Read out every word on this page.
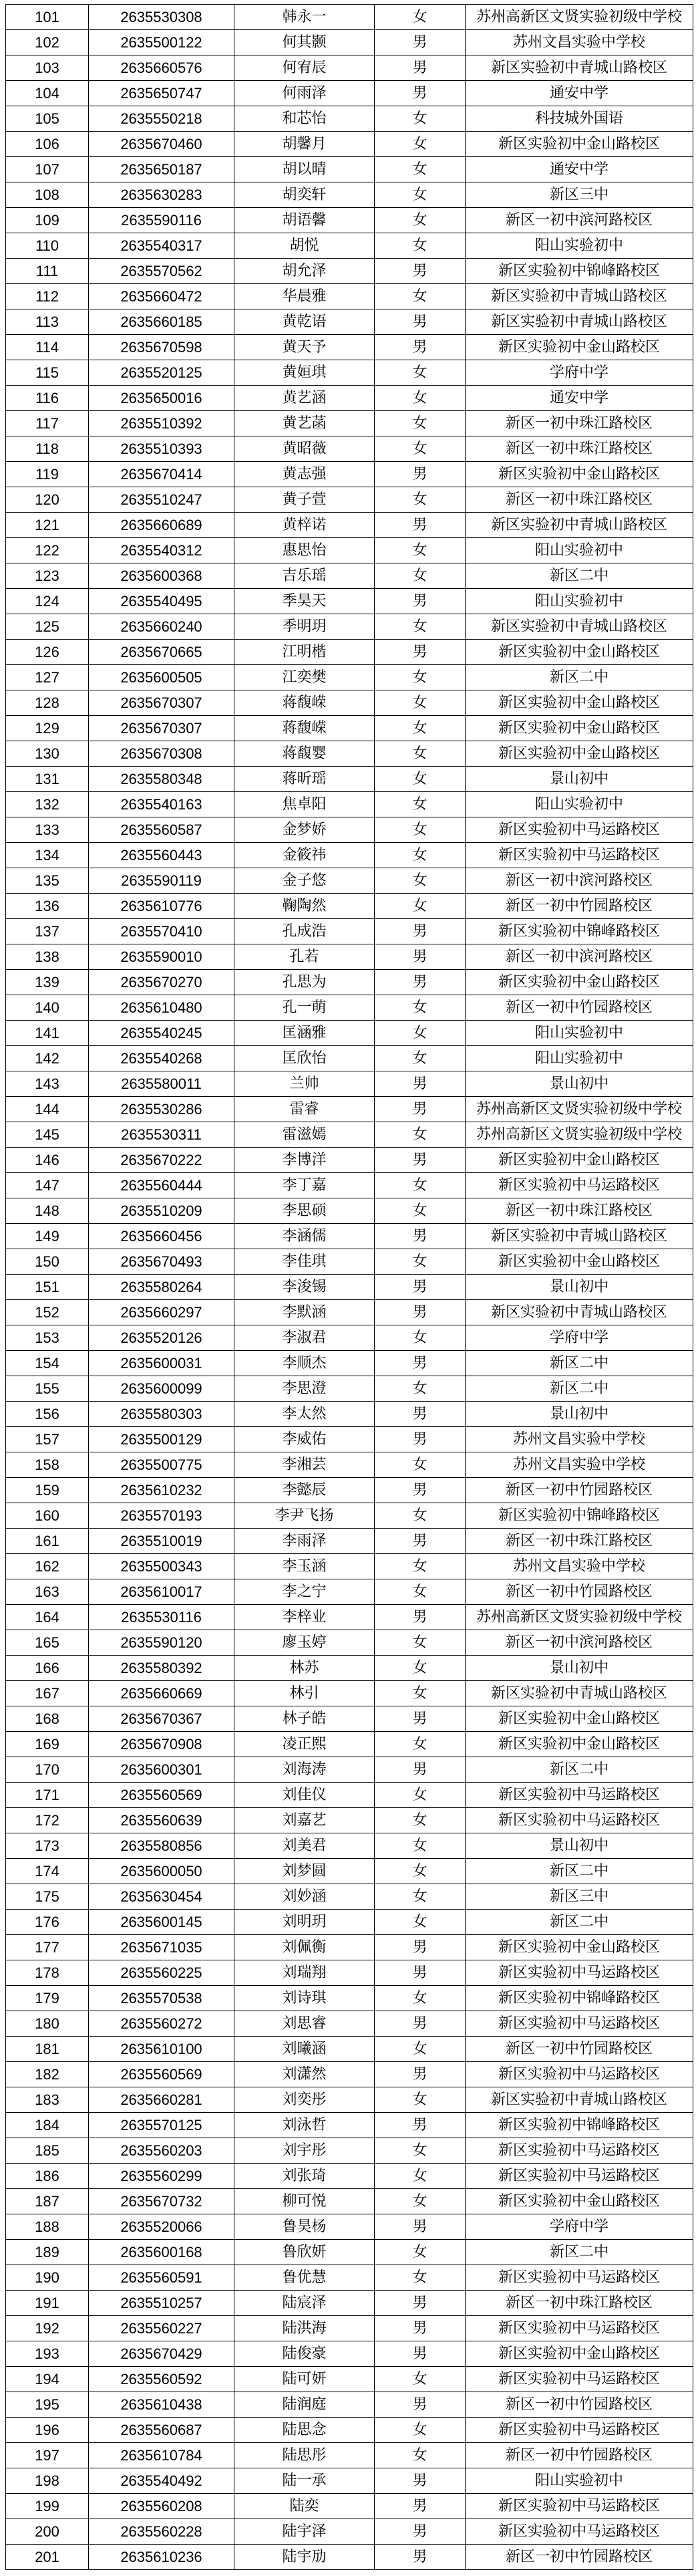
101	2635530308	韩永一	女	苏州高新区文贤实验初级中学校
102	2635500122	何其颢	男	苏州文昌实验中学校
103	2635660576	何宥辰	男	新区实验初中青城山路校区
104	2635650747	何雨泽	男	通安中学
105	2635550218	和芯怡	女	科技城外国语
106	2635670460	胡馨月	女	新区实验初中金山路校区
107	2635650187	胡以晴	女	通安中学
108	2635630283	胡奕轩	女	新区三中
109	2635590116	胡语馨	女	新区一初中滨河路校区
110	2635540317	胡悦	女	阳山实验初中
111	2635570562	胡允泽	男	新区实验初中锦峰路校区
112	2635660472	华晨雅	女	新区实验初中青城山路校区
113	2635660185	黄乾语	男	新区实验初中青城山路校区
114	2635670598	黄天予	男	新区实验初中金山路校区
115	2635520125	黄姮琪	女	学府中学
116	2635650016	黄艺涵	女	通安中学
117	2635510392	黄艺菡	女	新区一初中珠江路校区
118	2635510393	黄昭薇	女	新区一初中珠江路校区
119	2635670414	黄志强	男	新区实验初中金山路校区
120	2635510247	黄子萱	女	新区一初中珠江路校区
121	2635660689	黄梓诺	男	新区实验初中青城山路校区
122	2635540312	惠思怡	女	阳山实验初中
123	2635600368	吉乐瑶	女	新区二中
124	2635540495	季昊天	男	阳山实验初中
125	2635660240	季明玥	女	新区实验初中青城山路校区
126	2635670665	江明楷	男	新区实验初中金山路校区
127	2635600505	江奕樊	女	新区二中
128	2635670307	蒋馥嵘	女	新区实验初中金山路校区
129	2635670307	蒋馥嵘	女	新区实验初中金山路校区
130	2635670308	蒋馥婴	女	新区实验初中金山路校区
131	2635580348	蒋昕瑶	女	景山初中
132	2635540163	焦卓阳	女	阳山实验初中
133	2635560587	金梦娇	女	新区实验初中马运路校区
134	2635560443	金筱祎	女	新区实验初中马运路校区
135	2635590119	金子悠	女	新区一初中滨河路校区
136	2635610776	鞠陶然	女	新区一初中竹园路校区
137	2635570410	孔成浩	男	新区实验初中锦峰路校区
138	2635590010	孔若	男	新区一初中滨河路校区
139	2635670270	孔思为	男	新区实验初中金山路校区
140	2635610480	孔一萌	女	新区一初中竹园路校区
141	2635540245	匡涵雅	女	阳山实验初中
142	2635540268	匡欣怡	女	阳山实验初中
143	2635580011	兰帅	男	景山初中
144	2635530286	雷睿	男	苏州高新区文贤实验初级中学校
145	2635530311	雷滋嫣	女	苏州高新区文贤实验初级中学校
146	2635670222	李博洋	男	新区实验初中金山路校区
147	2635560444	李丁嘉	女	新区实验初中马运路校区
148	2635510209	李思硕	女	新区一初中珠江路校区
149	2635660456	李涵儒	男	新区实验初中青城山路校区
150	2635670493	李佳琪	女	新区实验初中金山路校区
151	2635580264	李浚锡	男	景山初中
152	2635660297	李默涵	男	新区实验初中青城山路校区
153	2635520126	李淑君	女	学府中学
154	2635600031	李顺杰	男	新区二中
155	2635600099	李思澄	女	新区二中
156	2635580303	李太然	男	景山初中
157	2635500129	李威佑	男	苏州文昌实验中学校
158	2635500775	李湘芸	女	苏州文昌实验中学校
159	2635610232	李懿辰	男	新区一初中竹园路校区
160	2635570193	李尹飞扬	女	新区实验初中锦峰路校区
161	2635510019	李雨泽	男	新区一初中珠江路校区
162	2635500343	李玉涵	女	苏州文昌实验中学校
163	2635610017	李之宁	女	新区一初中竹园路校区
164	2635530116	李梓业	男	苏州高新区文贤实验初级中学校
165	2635590120	廖玉婷	女	新区一初中滨河路校区
166	2635580392	林苏	女	景山初中
167	2635660669	林引	女	新区实验初中青城山路校区
168	2635670367	林子皓	男	新区实验初中金山路校区
169	2635670908	凌正熙	女	新区实验初中金山路校区
170	2635600301	刘海涛	男	新区二中
171	2635560569	刘佳仪	女	新区实验初中马运路校区
172	2635560639	刘嘉艺	女	新区实验初中马运路校区
173	2635580856	刘美君	女	景山初中
174	2635600050	刘梦圆	女	新区二中
175	2635630454	刘妙涵	女	新区三中
176	2635600145	刘明玥	女	新区二中
177	2635671035	刘佩衡	男	新区实验初中金山路校区
178	2635560225	刘瑞翔	男	新区实验初中马运路校区
179	2635570538	刘诗琪	女	新区实验初中锦峰路校区
180	2635560272	刘思睿	男	新区实验初中马运路校区
181	2635610100	刘曦涵	女	新区一初中竹园路校区
182	2635560569	刘潇然	男	新区实验初中马运路校区
183	2635660281	刘奕彤	女	新区实验初中青城山路校区
184	2635570125	刘泳哲	男	新区实验初中锦峰路校区
185	2635560203	刘宇彤	女	新区实验初中马运路校区
186	2635560299	刘张琦	女	新区实验初中马运路校区
187	2635670732	柳可悦	女	新区实验初中金山路校区
188	2635520066	鲁昊杨	男	学府中学
189	2635600168	鲁欣妍	女	新区二中
190	2635560591	鲁优慧	女	新区实验初中马运路校区
191	2635510257	陆宸泽	男	新区一初中珠江路校区
192	2635560227	陆洪海	男	新区实验初中马运路校区
193	2635670429	陆俊豪	男	新区实验初中金山路校区
194	2635560592	陆可妍	女	新区实验初中马运路校区
195	2635610438	陆润庭	男	新区一初中竹园路校区
196	2635560687	陆思念	女	新区实验初中马运路校区
197	2635610784	陆思彤	女	新区一初中竹园路校区
198	2635540492	陆一承	男	阳山实验初中
199	2635560208	陆奕	男	新区实验初中马运路校区
200	2635560228	陆宇泽	男	新区实验初中马运路校区
201	2635610236	陆宇劢	男	新区一初中竹园路校区
